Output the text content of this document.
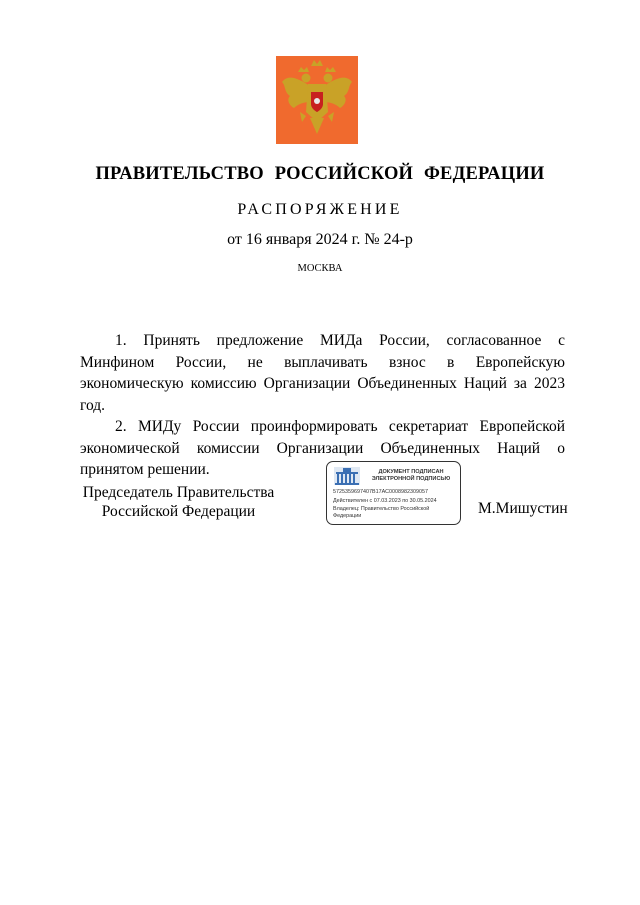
ПРАВИТЕЛЬСТВО РОССИЙСКОЙ ФЕДЕРАЦИИ
РАСПОРЯЖЕНИЕ
от 16 января 2024 г. № 24-р
МОСКВА

1. Принять предложение МИДа России, согласованное с Минфином России, не выплачивать взнос в Европейскую экономическую комиссию Организации Объединенных Наций за 2023 год.

2. МИДу России проинформировать секретариат Европейской экономической комиссии Организации Объединенных Наций о принятом решении.

Председатель Правительства
Российской Федерации
ДОКУМЕНТ ПОДПИСАН
ЭЛЕКТРОННОЙ ПОДПИСЬЮ
5725359697407B17AC0008982309057
Действителен с 07.03.2023 по 30.05.2024
Владелец: Правительство Российской Федерации	М.Мишустин
